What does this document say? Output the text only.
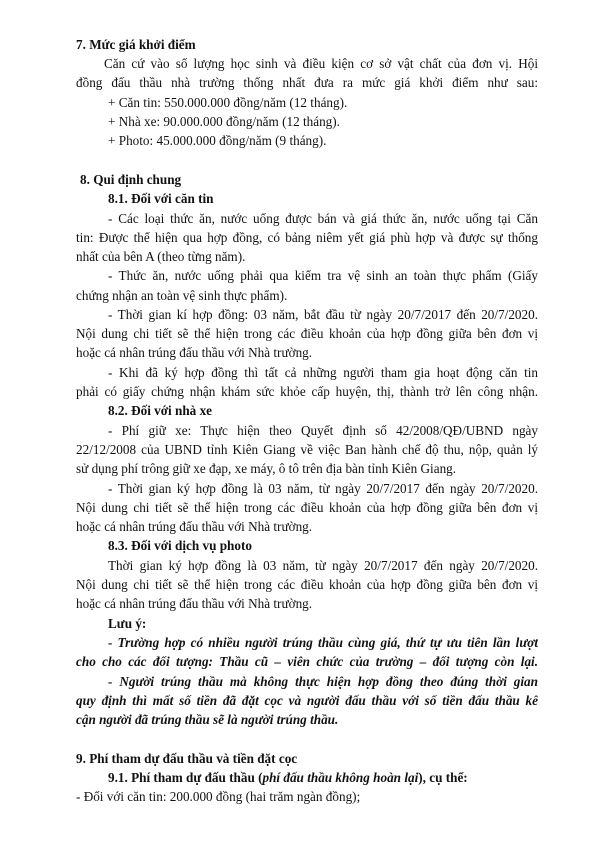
7. Mức giá khởi điểm
Căn cứ vào số lượng học sinh và điều kiện cơ sở vật chất của đơn vị. Hội
đồng đấu thầu nhà trường thống nhất đưa ra mức giá khởi điểm như sau:
+ Căn tin: 550.000.000 đồng/năm (12 tháng).
+ Nhà xe: 90.000.000 đồng/năm (12 tháng).
+ Photo: 45.000.000 đồng/năm (9 tháng).
8. Qui định chung
8.1. Đối với căn tin
- Các loại thức ăn, nước uống được bán và giá thức ăn, nước uống tại Căn
tin: Được thể hiện qua hợp đồng, có bảng niêm yết giá phù hợp và được sự thống
nhất của bên A (theo từng năm).
- Thức ăn, nước uống phải qua kiểm tra vệ sinh an toàn thực phẩm (Giấy
chứng nhận an toàn vệ sinh thực phẩm).
- Thời gian kí hợp đồng: 03 năm, bắt đầu từ ngày 20/7/2017 đến 20/7/2020.
Nội dung chi tiết sẽ thể hiện trong các điều khoản của hợp đồng giữa bên đơn vị
hoặc cá nhân trúng đấu thầu với Nhà trường.
- Khi đã ký hợp đồng thì tất cả những người tham gia hoạt động căn tin
phải có giấy chứng nhận khám sức khỏe cấp huyện, thị, thành trở lên công nhận.
8.2. Đối với nhà xe
- Phí giữ xe: Thực hiện theo Quyết định số 42/2008/QĐ/UBND ngày
22/12/2008 của UBND tỉnh Kiên Giang về việc Ban hành chế độ thu, nộp, quản lý
sử dụng phí trông giữ xe đạp, xe máy, ô tô trên địa bàn tỉnh Kiên Giang.
- Thời gian ký hợp đồng là 03 năm, từ ngày 20/7/2017 đến ngày 20/7/2020.
Nội dung chi tiết sẽ thể hiện trong các điều khoản của hợp đồng giữa bên đơn vị
hoặc cá nhân trúng đấu thầu với Nhà trường.
8.3. Đối với dịch vụ photo
Thời gian ký hợp đồng là 03 năm, từ ngày 20/7/2017 đến ngày 20/7/2020.
Nội dung chi tiết sẽ thể hiện trong các điều khoản của hợp đồng giữa bên đơn vị
hoặc cá nhân trúng đấu thầu với Nhà trường.
Lưu ý:
- Trường hợp có nhiều người trúng thầu cùng giá, thứ tự ưu tiên lần lượt
cho cho các đối tượng: Thầu cũ – viên chức của trường – đối tượng còn lại.
- Người trúng thầu mà không thực hiện hợp đồng theo đúng thời gian
quy định thì mất số tiền đã đặt cọc và người đấu thầu với số tiền đấu thầu kế
cận người đã trúng thầu sẽ là người trúng thầu.
9. Phí tham dự đấu thầu và tiền đặt cọc
9.1. Phí tham dự đấu thầu (phí đấu thầu không hoàn lại), cụ thể:
- Đối với căn tin: 200.000 đồng (hai trăm ngàn đồng);
